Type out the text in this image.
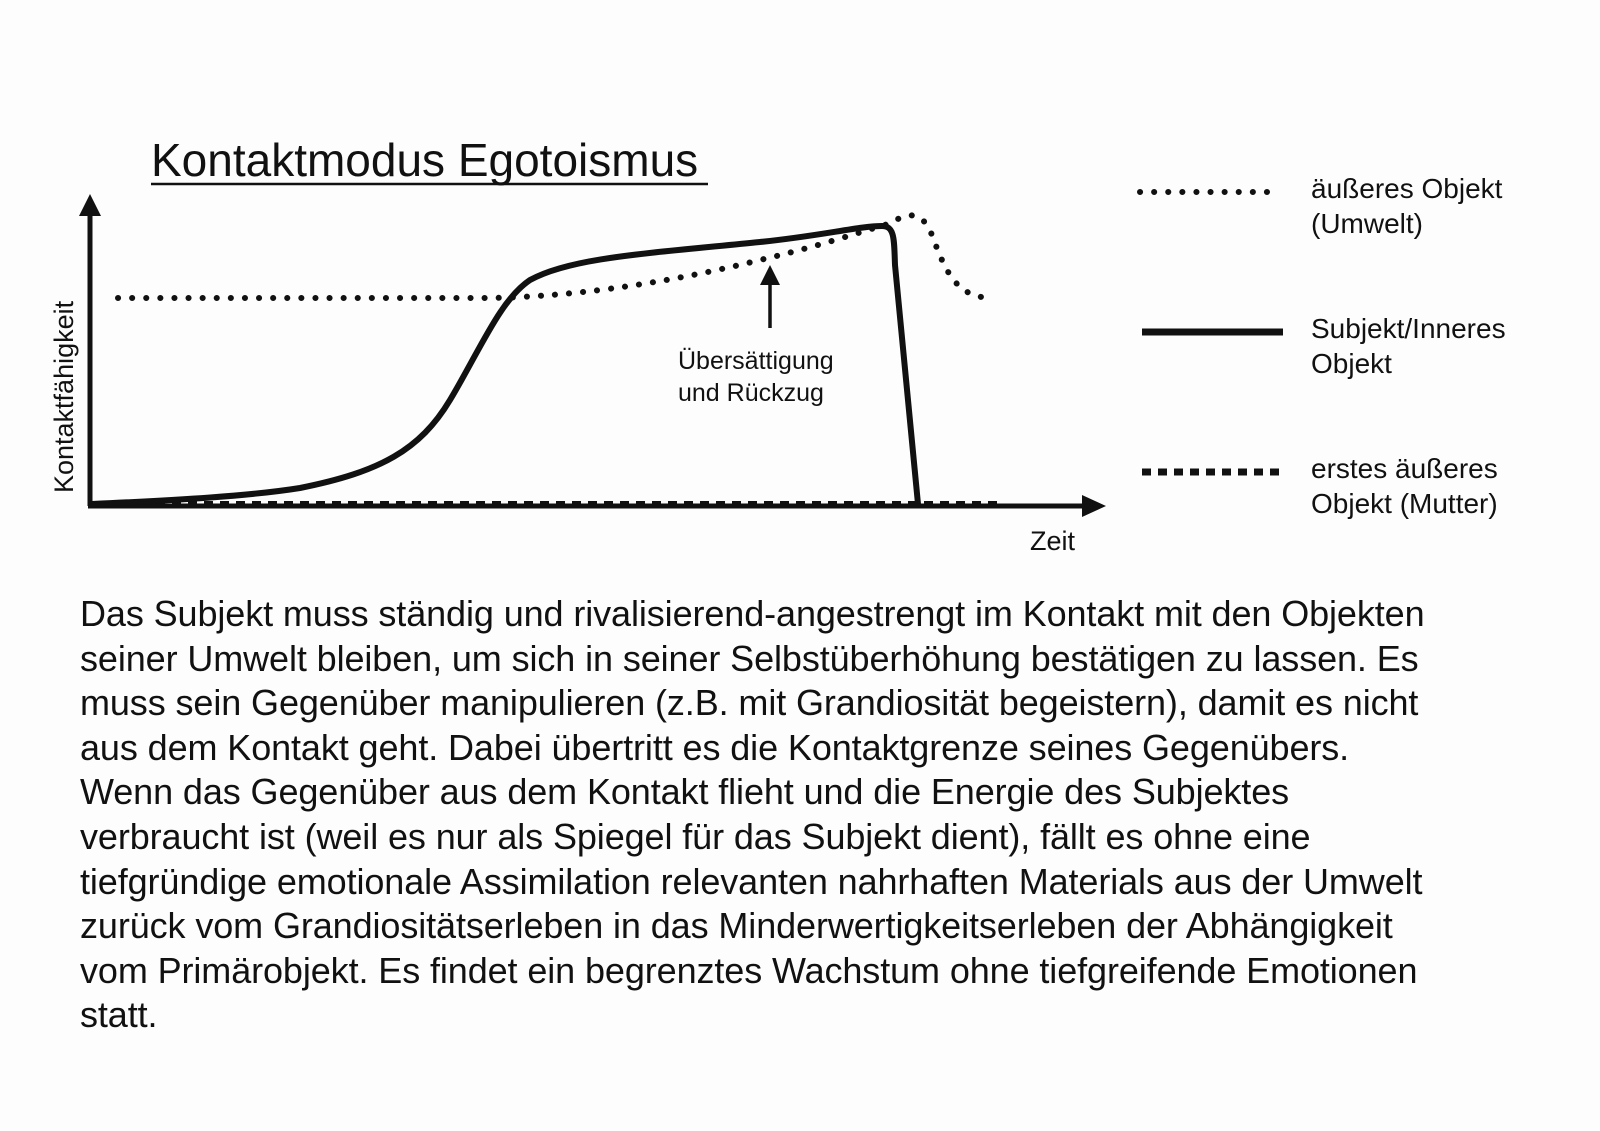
Kontaktmodus Egotoismus
Kontaktfähigkeit
Zeit
Übersättigung
und Rückzug
äußeres Objekt
(Umwelt)
Subjekt/Inneres
Objekt
erstes äußeres
Objekt (Mutter)

Das Subjekt muss ständig und rivalisierend-angestrengt im Kontakt mit den Objekten
seiner Umwelt bleiben, um sich in seiner Selbstüberhöhung bestätigen zu lassen. Es
muss sein Gegenüber manipulieren (z.B. mit Grandiosität begeistern), damit es nicht
aus dem Kontakt geht. Dabei übertritt es die Kontaktgrenze seines Gegenübers.
Wenn das Gegenüber aus dem Kontakt flieht und die Energie des Subjektes
verbraucht ist (weil es nur als Spiegel für das Subjekt dient), fällt es ohne eine
tiefgründige emotionale Assimilation relevanten nahrhaften Materials aus der Umwelt
zurück vom Grandiositätserleben in das Minderwertigkeitserleben der Abhängigkeit
vom Primärobjekt. Es findet ein begrenztes Wachstum ohne tiefgreifende Emotionen
statt.
